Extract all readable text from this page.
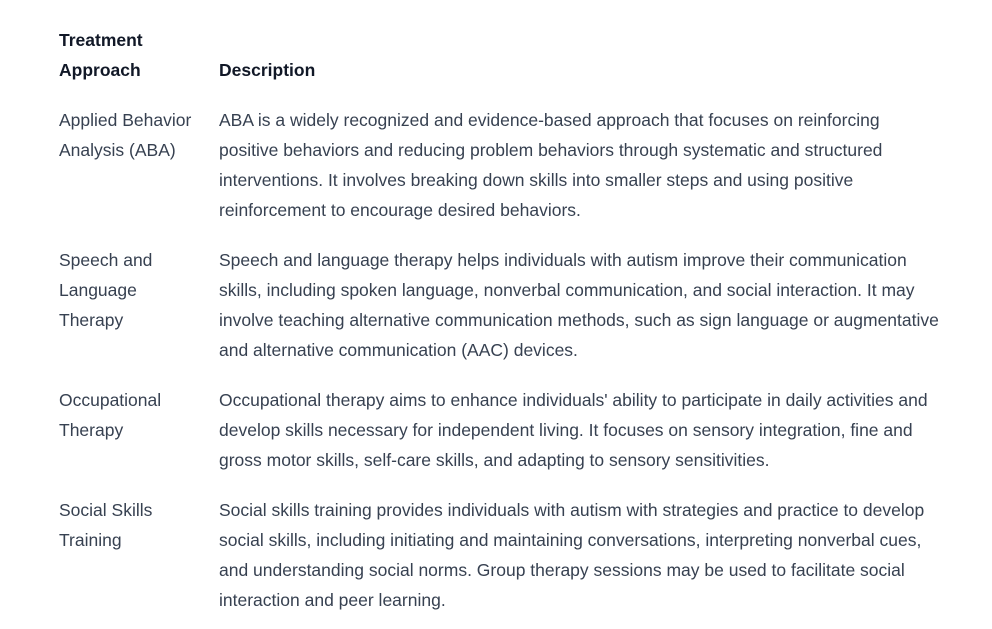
Treatment Approach	Description
Applied Behavior Analysis (ABA)	ABA is a widely recognized and evidence-based approach that focuses on reinforcing positive behaviors and reducing problem behaviors through systematic and structured interventions. It involves breaking down skills into smaller steps and using positive reinforcement to encourage desired behaviors.
Speech and Language Therapy	Speech and language therapy helps individuals with autism improve their communication skills, including spoken language, nonverbal communication, and social interaction. It may involve teaching alternative communication methods, such as sign language or augmentative and alternative communication (AAC) devices.
Occupational Therapy	Occupational therapy aims to enhance individuals' ability to participate in daily activities and develop skills necessary for independent living. It focuses on sensory integration, fine and gross motor skills, self-care skills, and adapting to sensory sensitivities.
Social Skills Training	Social skills training provides individuals with autism with strategies and practice to develop social skills, including initiating and maintaining conversations, interpreting nonverbal cues, and understanding social norms. Group therapy sessions may be used to facilitate social interaction and peer learning.
